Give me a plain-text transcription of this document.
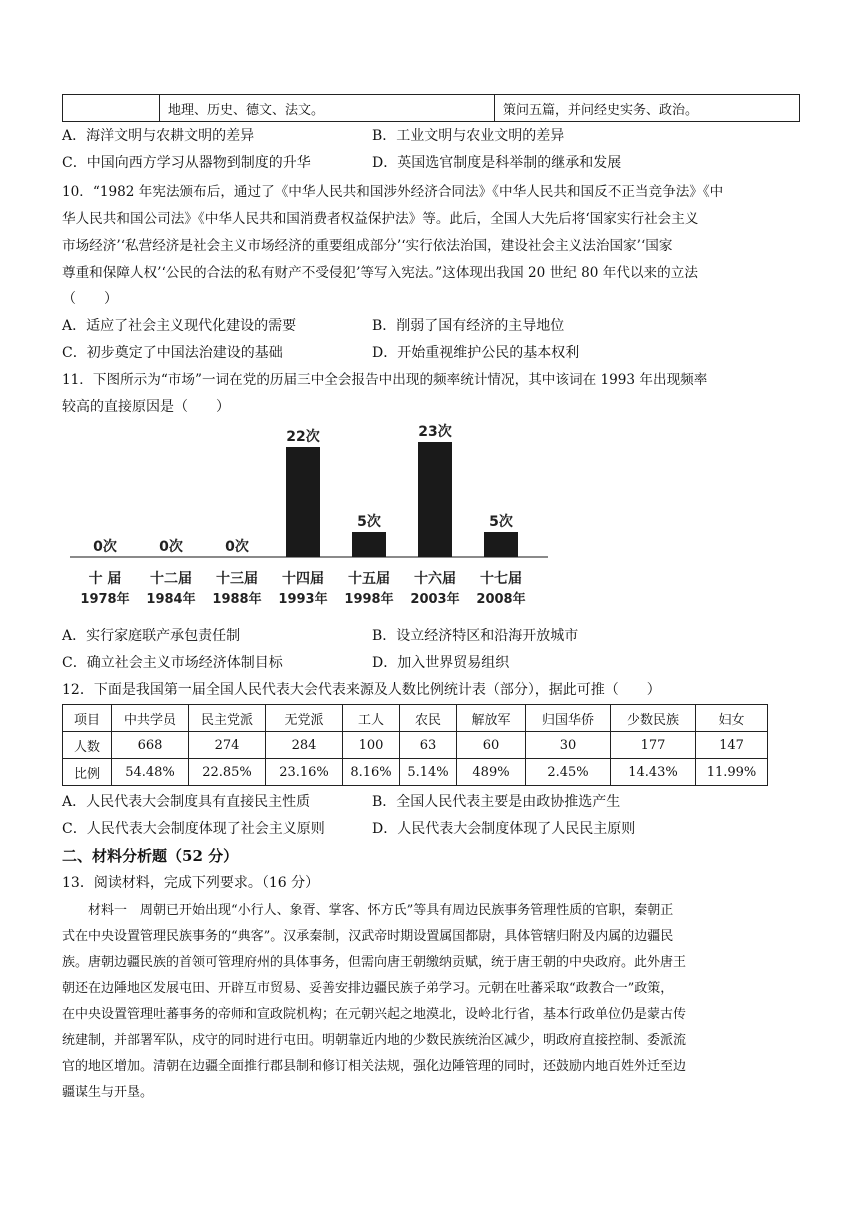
	地理、历史、德文、法文。	策问五篇，并问经史实务、政治。
A．海洋文明与农耕文明的差异	B．工业文明与农业文明的差异
C．中国向西方学习从器物到制度的升华	D．英国选官制度是科举制的继承和发展
10．“1982 年宪法颁布后，通过了《中华人民共和国涉外经济合同法》《中华人民共和国反不正当竞争法》《中
华人民共和国公司法》《中华人民共和国消费者权益保护法》等。此后，全国人大先后将‘国家实行社会主义
市场经济’‘私营经济是社会主义市场经济的重要组成部分’‘实行依法治国，建设社会主义法治国家’‘国家
尊重和保障人权’‘公民的合法的私有财产不受侵犯’等写入宪法。”这体现出我国 20 世纪 80 年代以来的立法
（　　）
A．适应了社会主义现代化建设的需要	B．削弱了国有经济的主导地位
C．初步奠定了中国法治建设的基础	D．开始重视维护公民的基本权利
11．下图所示为“市场”一词在党的历届三中全会报告中出现的频率统计情况，其中该词在 1993 年出现频率
较高的直接原因是（　　）
0次
十 届
1978年
0次
十二届
1984年
0次
十三届
1988年
22次
十四届
1993年
5次
十五届
1998年
23次
十六届
2003年
5次
十七届
2008年
A．实行家庭联产承包责任制	B．设立经济特区和沿海开放城市
C．确立社会主义市场经济体制目标	D．加入世界贸易组织
12．下面是我国第一届全国人民代表大会代表来源及人数比例统计表（部分），据此可推（　　）
项目	中共学员	民主党派	无党派	工人	农民	解放军	归国华侨	少数民族	妇女
人数	668	274	284	100	63	60	30	177	147
比例	54.48%	22.85%	23.16%	8.16%	5.14%	489%	2.45%	14.43%	11.99%
A．人民代表大会制度具有直接民主性质	B．全国人民代表主要是由政协推选产生
C．人民代表大会制度体现了社会主义原则	D．人民代表大会制度体现了人民民主原则
二、材料分析题（52 分）
13．阅读材料，完成下列要求。（16 分）
　　材料一　周朝已开始出现“小行人、象胥、掌客、怀方氏”等具有周边民族事务管理性质的官职，秦朝正
式在中央设置管理民族事务的“典客”。汉承秦制，汉武帝时期设置属国都尉，具体管辖归附及内属的边疆民
族。唐朝边疆民族的首领可管理府州的具体事务，但需向唐王朝缴纳贡赋，统于唐王朝的中央政府。此外唐王
朝还在边陲地区发展屯田、开辟互市贸易、妥善安排边疆民族子弟学习。元朝在吐蕃采取“政教合一”政策，
在中央设置管理吐蕃事务的帝师和宣政院机构；在元朝兴起之地漠北，设岭北行省，基本行政单位仍是蒙古传
统建制，并部署军队，戍守的同时进行屯田。明朝靠近内地的少数民族统治区减少，明政府直接控制、委派流
官的地区增加。清朝在边疆全面推行郡县制和修订相关法规，强化边陲管理的同时，还鼓励内地百姓外迁至边
疆谋生与开垦。
